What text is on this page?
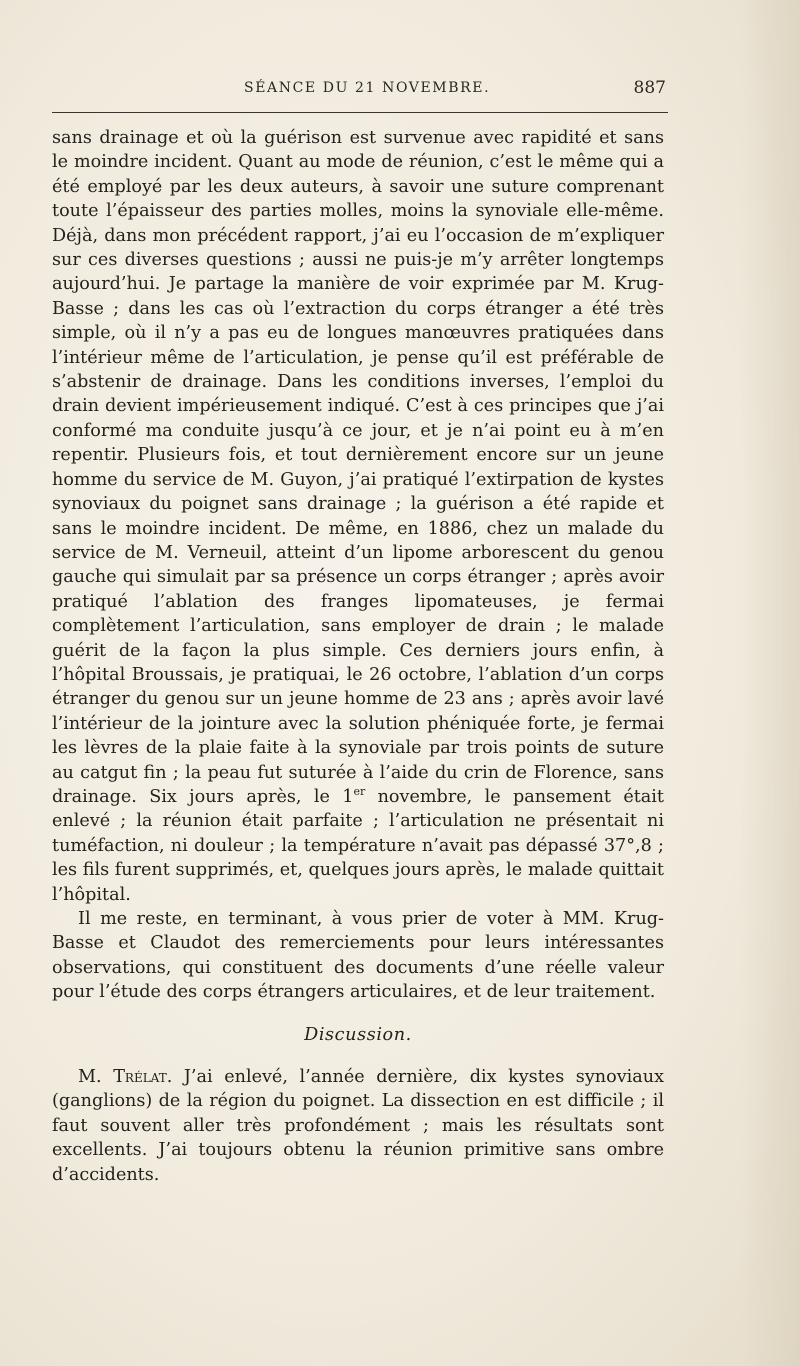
SÉANCE DU 21 NOVEMBRE.	887

sans drainage et où la guérison est survenue avec rapidité et sans le moindre incident. Quant au mode de réunion, c’est le même qui a été employé par les deux auteurs, à savoir une suture comprenant toute l’épaisseur des parties molles, moins la synoviale elle-même. Déjà, dans mon précédent rapport, j’ai eu l’occasion de m’expliquer sur ces diverses questions ; aussi ne puis-je m’y arrêter longtemps aujourd’hui. Je partage la manière de voir exprimée par M. Krug-Basse ; dans les cas où l’extraction du corps étranger a été très simple, où il n’y a pas eu de longues manœuvres pratiquées dans l’intérieur même de l’articulation, je pense qu’il est préférable de s’abstenir de drainage. Dans les conditions inverses, l’emploi du drain devient impérieusement indiqué. C’est à ces principes que j’ai conformé ma conduite jusqu’à ce jour, et je n’ai point eu à m’en repentir. Plusieurs fois, et tout dernièrement encore sur un jeune homme du service de M. Guyon, j’ai pratiqué l’extirpation de kystes synoviaux du poignet sans drainage ; la guérison a été rapide et sans le moindre incident. De même, en 1886, chez un malade du service de M. Verneuil, atteint d’un lipome arborescent du genou gauche qui simulait par sa présence un corps étranger ; après avoir pratiqué l’ablation des franges lipomateuses, je fermai complètement l’articulation, sans employer de drain ; le malade guérit de la façon la plus simple. Ces derniers jours enfin, à l’hôpital Broussais, je pratiquai, le 26 octobre, l’ablation d’un corps étranger du genou sur un jeune homme de 23 ans ; après avoir lavé l’intérieur de la jointure avec la solution phéniquée forte, je fermai les lèvres de la plaie faite à la synoviale par trois points de suture au catgut fin ; la peau fut suturée à l’aide du crin de Florence, sans drainage. Six jours après, le 1er novembre, le pansement était enlevé ; la réunion était parfaite ; l’articulation ne présentait ni tuméfaction, ni douleur ; la température n’avait pas dépassé 37°,8 ; les fils furent supprimés, et, quelques jours après, le malade quittait l’hôpital.

Il me reste, en terminant, à vous prier de voter à MM. Krug-Basse et Claudot des remerciements pour leurs intéressantes observations, qui constituent des documents d’une réelle valeur pour l’étude des corps étrangers articulaires, et de leur traitement.

Discussion.

M. Trélat. J’ai enlevé, l’année dernière, dix kystes synoviaux (ganglions) de la région du poignet. La dissection en est difficile ; il faut souvent aller très profondément ; mais les résultats sont excellents. J’ai toujours obtenu la réunion primitive sans ombre d’accidents.
